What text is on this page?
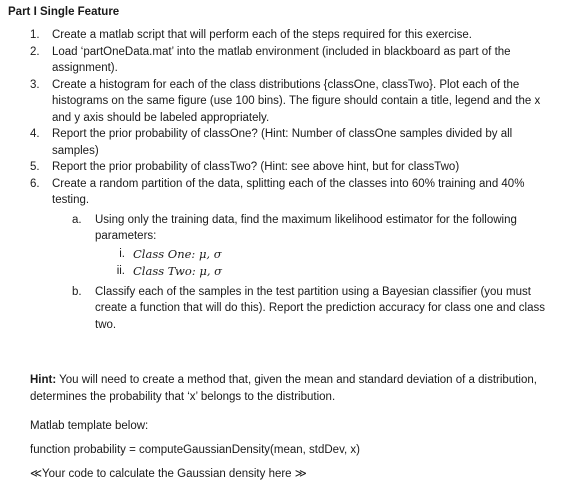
Part I Single Feature
1. Create a matlab script that will perform each of the steps required for this exercise.
2. Load ‘partOneData.mat’ into the matlab environment (included in blackboard as part of the assignment).
3. Create a histogram for each of the class distributions {classOne, classTwo}. Plot each of the histograms on the same figure (use 100 bins). The figure should contain a title, legend and the x and y axis should be labeled appropriately.
4. Report the prior probability of classOne? (Hint: Number of classOne samples divided by all samples)
5. Report the prior probability of classTwo? (Hint: see above hint, but for classTwo)
6. Create a random partition of the data, splitting each of the classes into 60% training and 40% testing.
a. Using only the training data, find the maximum likelihood estimator for the following parameters:
i. Class One: μ, σ
ii. Class Two: μ, σ
b. Classify each of the samples in the test partition using a Bayesian classifier (you must create a function that will do this). Report the prediction accuracy for class one and class two.
Hint: You will need to create a method that, given the mean and standard deviation of a distribution, determines the probability that ‘x’ belongs to the distribution.
Matlab template below:
function probability = computeGaussianDensity(mean, stdDev, x)
≪Your code to calculate the Gaussian density here ≫
